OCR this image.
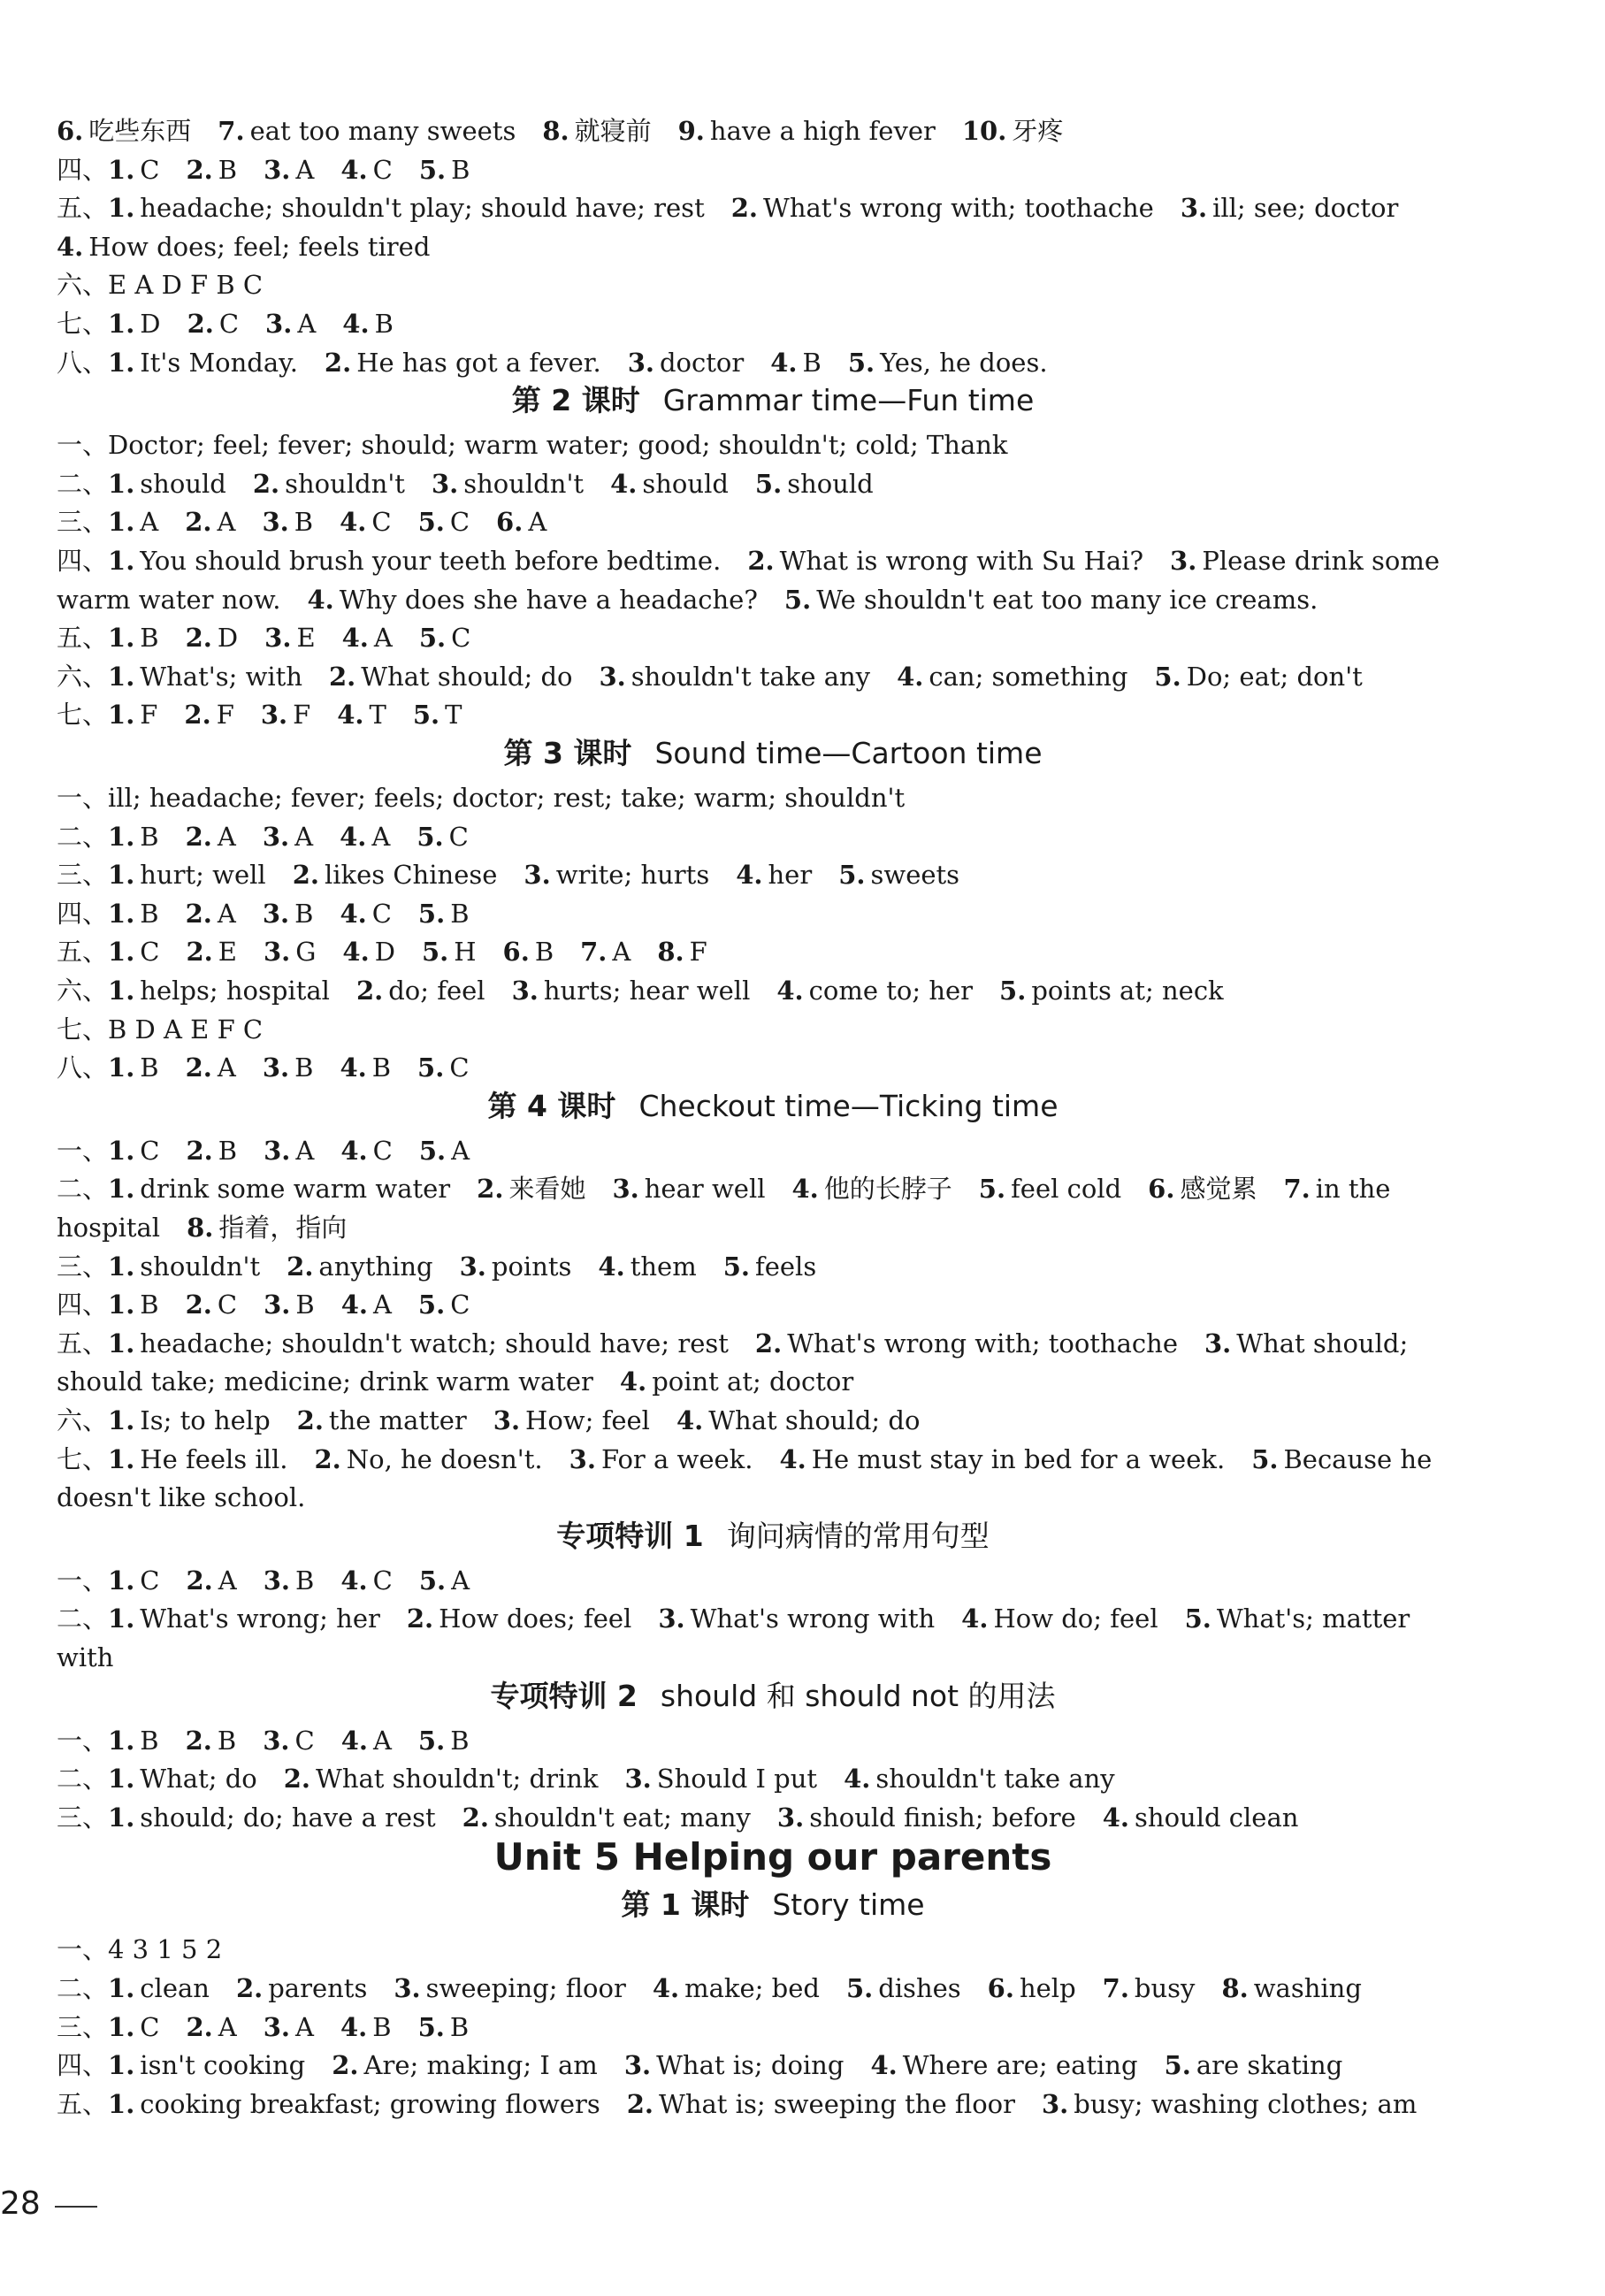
6. 吃些东西 7. eat too many sweets 8. 就寝前 9. have a high fever 10. 牙疼
四、1. C 2. B 3. A 4. C 5. B
五、1. headache; shouldn't play; should have; rest 2. What's wrong with; toothache 3. ill; see; doctor
4. How does; feel; feels tired
六、E A D F B C
七、1. D 2. C 3. A 4. B
八、1. It's Monday. 2. He has got a fever. 3. doctor 4. B 5. Yes, he does.
第 2 课时 Grammar time—Fun time
一、Doctor; feel; fever; should; warm water; good; shouldn't; cold; Thank
二、1. should 2. shouldn't 3. shouldn't 4. should 5. should
三、1. A 2. A 3. B 4. C 5. C 6. A
四、1. You should brush your teeth before bedtime. 2. What is wrong with Su Hai? 3. Please drink some
warm water now. 4. Why does she have a headache? 5. We shouldn't eat too many ice creams.
五、1. B 2. D 3. E 4. A 5. C
六、1. What's; with 2. What should; do 3. shouldn't take any 4. can; something 5. Do; eat; don't
七、1. F 2. F 3. F 4. T 5. T
第 3 课时 Sound time—Cartoon time
一、ill; headache; fever; feels; doctor; rest; take; warm; shouldn't
二、1. B 2. A 3. A 4. A 5. C
三、1. hurt; well 2. likes Chinese 3. write; hurts 4. her 5. sweets
四、1. B 2. A 3. B 4. C 5. B
五、1. C 2. E 3. G 4. D 5. H 6. B 7. A 8. F
六、1. helps; hospital 2. do; feel 3. hurts; hear well 4. come to; her 5. points at; neck
七、B D A E F C
八、1. B 2. A 3. B 4. B 5. C
第 4 课时 Checkout time—Ticking time
一、1. C 2. B 3. A 4. C 5. A
二、1. drink some warm water 2. 来看她 3. hear well 4. 他的长脖子 5. feel cold 6. 感觉累 7. in the
hospital 8. 指着，指向
三、1. shouldn't 2. anything 3. points 4. them 5. feels
四、1. B 2. C 3. B 4. A 5. C
五、1. headache; shouldn't watch; should have; rest 2. What's wrong with; toothache 3. What should;
should take; medicine; drink warm water 4. point at; doctor
六、1. Is; to help 2. the matter 3. How; feel 4. What should; do
七、1. He feels ill. 2. No, he doesn't. 3. For a week. 4. He must stay in bed for a week. 5. Because he
doesn't like school.
专项特训 1 询问病情的常用句型
一、1. C 2. A 3. B 4. C 5. A
二、1. What's wrong; her 2. How does; feel 3. What's wrong with 4. How do; feel 5. What's; matter
with
专项特训 2 should 和 should not 的用法
一、1. B 2. B 3. C 4. A 5. B
二、1. What; do 2. What shouldn't; drink 3. Should I put 4. shouldn't take any
三、1. should; do; have a rest 2. shouldn't eat; many 3. should finish; before 4. should clean
Unit 5 Helping our parents
第 1 课时 Story time
一、4 3 1 5 2
二、1. clean 2. parents 3. sweeping; floor 4. make; bed 5. dishes 6. help 7. busy 8. washing
三、1. C 2. A 3. A 4. B 5. B
四、1. isn't cooking 2. Are; making; I am 3. What is; doing 4. Where are; eating 5. are skating
五、1. cooking breakfast; growing flowers 2. What is; sweeping the floor 3. busy; washing clothes; am
28
